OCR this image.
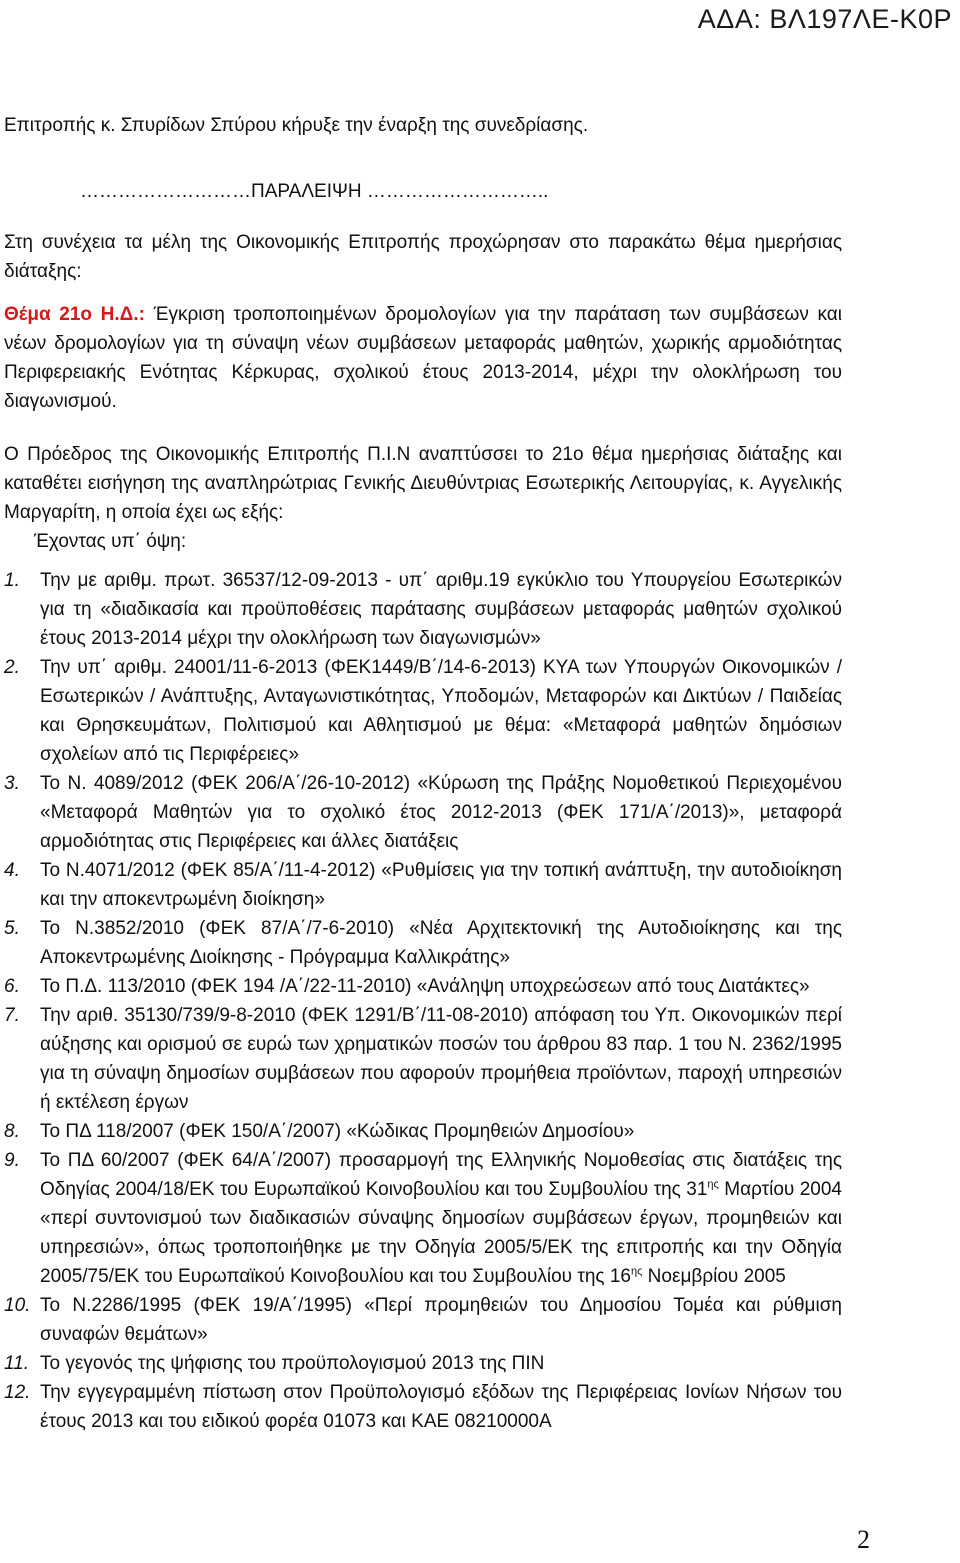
ΑΔΑ: ΒΛ197ΛΕ-Κ0Ρ
Επιτροπής κ. Σπυρίδων Σπύρου κήρυξε την έναρξη της συνεδρίασης.
………………………ΠΑΡΑΛΕΙΨΗ ………………………..
Στη συνέχεια τα μέλη της Οικονομικής Επιτροπής προχώρησαν στο παρακάτω θέμα ημερήσιας διάταξης:
Θέμα 21ο Η.Δ.: Έγκριση τροποποιημένων δρομολογίων για την παράταση των συμβάσεων και νέων δρομολογίων για τη σύναψη νέων συμβάσεων μεταφοράς μαθητών, χωρικής αρμοδιότητας Περιφερειακής Ενότητας Κέρκυρας, σχολικού έτους 2013-2014, μέχρι την ολοκλήρωση του διαγωνισμού.
Ο Πρόεδρος της Οικονομικής Επιτροπής Π.Ι.Ν αναπτύσσει το 21ο θέμα ημερήσιας διάταξης και καταθέτει εισήγηση της αναπληρώτριας Γενικής Διευθύντριας Εσωτερικής Λειτουργίας, κ. Αγγελικής Μαργαρίτη, η οποία έχει ως εξής:
Έχοντας υπ΄ όψη:
1. Την με αριθμ. πρωτ. 36537/12-09-2013 - υπ΄ αριθμ.19 εγκύκλιο του Υπουργείου Εσωτερικών για τη «διαδικασία και προϋποθέσεις παράτασης συμβάσεων μεταφοράς μαθητών σχολικού έτους 2013-2014 μέχρι την ολοκλήρωση των διαγωνισμών»
2. Την υπ΄ αριθμ. 24001/11-6-2013 (ΦΕΚ1449/Β΄/14-6-2013) ΚΥΑ των Υπουργών Οικονομικών / Εσωτερικών / Ανάπτυξης, Ανταγωνιστικότητας, Υποδομών, Μεταφορών και Δικτύων / Παιδείας και Θρησκευμάτων, Πολιτισμού και Αθλητισμού με θέμα: «Μεταφορά μαθητών δημόσιων σχολείων από τις Περιφέρειες»
3. Το Ν. 4089/2012 (ΦΕΚ 206/Α΄/26-10-2012) «Κύρωση της Πράξης Νομοθετικού Περιεχομένου «Μεταφορά Μαθητών για το σχολικό έτος 2012-2013 (ΦΕΚ 171/Α΄/2013)», μεταφορά αρμοδιότητας στις Περιφέρειες και άλλες διατάξεις
4. Το Ν.4071/2012 (ΦΕΚ 85/Α΄/11-4-2012) «Ρυθμίσεις για την τοπική ανάπτυξη, την αυτοδιοίκηση και την αποκεντρωμένη διοίκηση»
5. Το Ν.3852/2010 (ΦΕΚ 87/Α΄/7-6-2010) «Νέα Αρχιτεκτονική της Αυτοδιοίκησης και της Αποκεντρωμένης Διοίκησης - Πρόγραμμα Καλλικράτης»
6. Το Π.Δ. 113/2010 (ΦΕΚ 194 /Α΄/22-11-2010) «Ανάληψη υποχρεώσεων από τους Διατάκτες»
7. Την αριθ. 35130/739/9-8-2010 (ΦΕΚ 1291/Β΄/11-08-2010) απόφαση του Υπ. Οικονομικών περί αύξησης και ορισμού σε ευρώ των χρηματικών ποσών του άρθρου 83 παρ. 1 του Ν. 2362/1995 για τη σύναψη δημοσίων συμβάσεων που αφορούν προμήθεια προϊόντων, παροχή υπηρεσιών ή εκτέλεση έργων
8. Το ΠΔ 118/2007 (ΦΕΚ 150/Α΄/2007) «Κώδικας Προμηθειών Δημοσίου»
9. Το ΠΔ 60/2007 (ΦΕΚ 64/Α΄/2007) προσαρμογή της Ελληνικής Νομοθεσίας στις διατάξεις της Οδηγίας 2004/18/ΕΚ του Ευρωπαϊκού Κοινοβουλίου και του Συμβουλίου της $31^{\eta\varsigma}$ Μαρτίου 2004 «περί συντονισμού των διαδικασιών σύναψης δημοσίων συμβάσεων έργων, προμηθειών και υπηρεσιών», όπως τροποποιήθηκε με την Οδηγία 2005/5/ΕΚ της επιτροπής και την Οδηγία 2005/75/ΕΚ του Ευρωπαϊκού Κοινοβουλίου και του Συμβουλίου της $16^{\eta\varsigma}$ Νοεμβρίου 2005
10. Το Ν.2286/1995 (ΦΕΚ 19/Α΄/1995) «Περί προμηθειών του Δημοσίου Τομέα και ρύθμιση συναφών θεμάτων»
11. Το γεγονός της ψήφισης του προϋπολογισμού 2013 της ΠΙΝ
12. Την εγγεγραμμένη πίστωση στον Προϋπολογισμό εξόδων της Περιφέρειας Ιονίων Νήσων του έτους 2013 και του ειδικού φορέα 01073 και ΚΑΕ 08210000Α
2
